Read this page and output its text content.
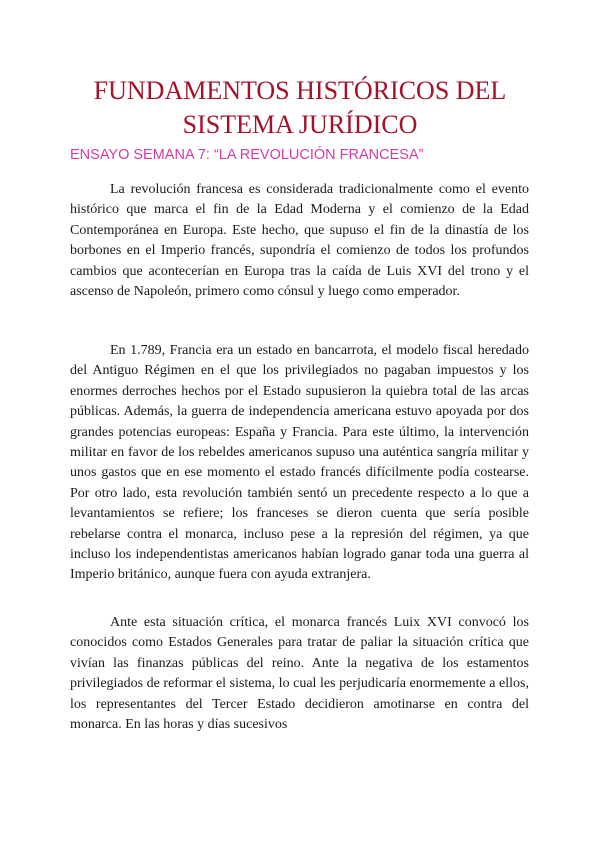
FUNDAMENTOS HISTÓRICOS DEL SISTEMA JURÍDICO

ENSAYO SEMANA 7: “LA REVOLUCIÓN FRANCESA”

La revolución francesa es considerada tradicionalmente como el evento histórico que marca el fin de la Edad Moderna y el comienzo de la Edad Contemporánea en Europa. Este hecho, que supuso el fin de la dinastía de los borbones en el Imperio francés, supondría el comienzo de todos los profundos cambios que acontecerían en Europa tras la caída de Luis XVI del trono y el ascenso de Napoleón, primero como cónsul y luego como emperador.

En 1.789, Francia era un estado en bancarrota, el modelo fiscal heredado del Antiguo Régimen en el que los privilegiados no pagaban impuestos y los enormes derroches hechos por el Estado supusieron la quiebra total de las arcas públicas. Además, la guerra de independencia americana estuvo apoyada por dos grandes potencias europeas: España y Francia. Para este último, la intervención militar en favor de los rebeldes americanos supuso una auténtica sangría militar y unos gastos que en ese momento el estado francés difícilmente podía costearse. Por otro lado, esta revolución también sentó un precedente respecto a lo que a levantamientos se refiere; los franceses se dieron cuenta que sería posible rebelarse contra el monarca, incluso pese a la represión del régimen, ya que incluso los independentistas americanos habían logrado ganar toda una guerra al Imperio británico, aunque fuera con ayuda extranjera.

Ante esta situación crítica, el monarca francés Luix XVI convocó los conocidos como Estados Generales para tratar de paliar la situación crítica que vivían las finanzas públicas del reino. Ante la negativa de los estamentos privilegiados de reformar el sistema, lo cual les perjudicaría enormemente a ellos, los representantes del Tercer Estado decidieron amotinarse en contra del monarca. En las horas y días sucesivos
